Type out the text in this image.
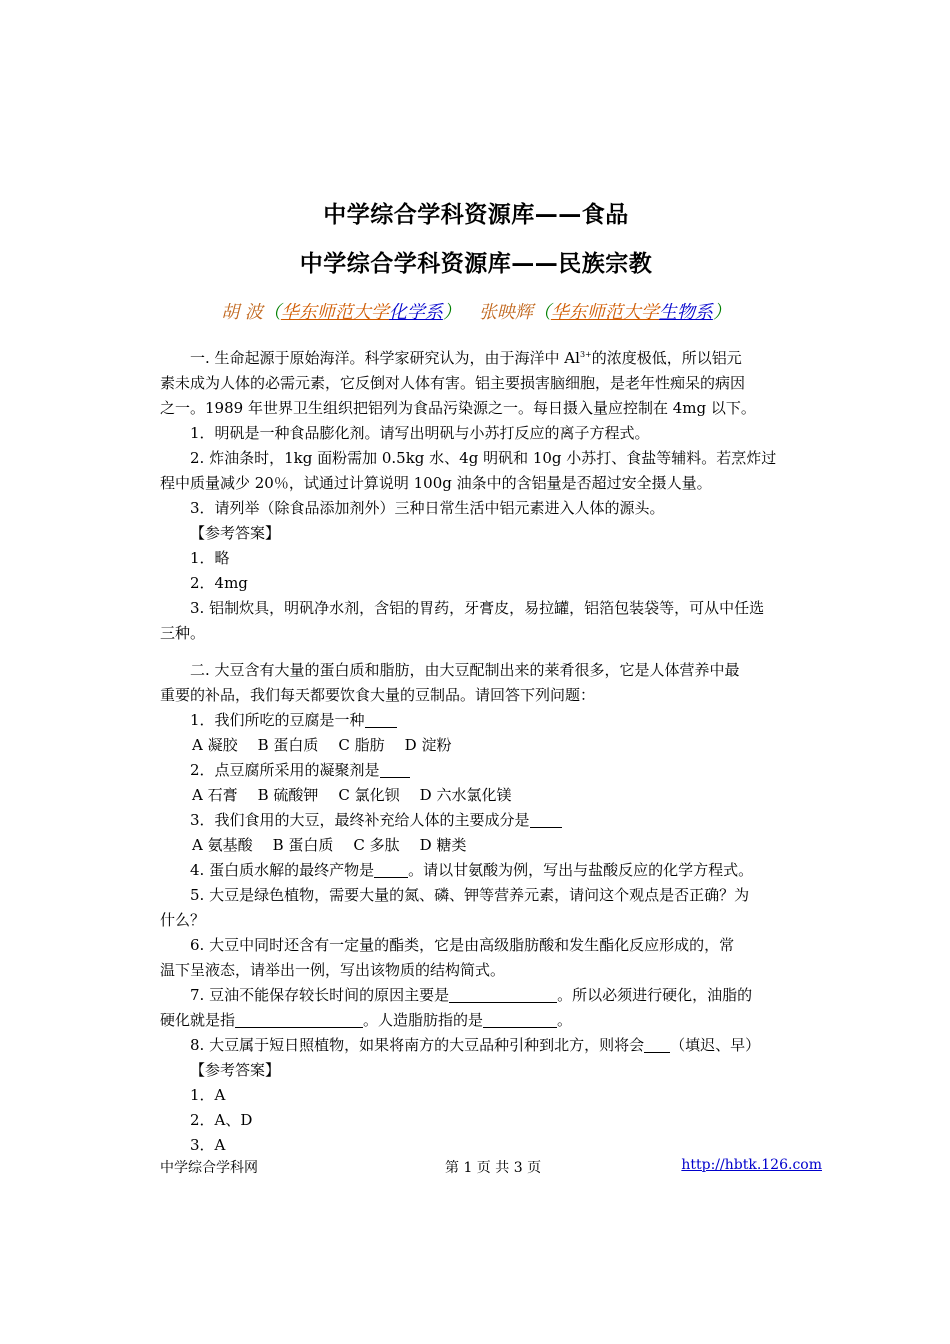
中学综合学科资源库——食品
中学综合学科资源库——民族宗教
胡 波（华东师范大学化学系） 张映辉（华东师范大学生物系）
一. 生命起源于原始海洋。科学家研究认为，由于海洋中 $Al^{3+}$的浓度极低，所以铝元
素未成为人体的必需元素，它反倒对人体有害。铝主要损害脑细胞，是老年性痴呆的病因
之一。1989 年世界卫生组织把铝列为食品污染源之一。每日摄入量应控制在 4mg 以下。
1．明矾是一种食品膨化剂。请写出明矾与小苏打反应的离子方程式。
2. 炸油条时，1kg 面粉需加 0.5kg 水、4g 明矾和 10g 小苏打、食盐等辅料。若烹炸过
程中质量减少 20％，试通过计算说明 100g 油条中的含铝量是否超过安全摄人量。
3．请列举（除食品添加剂外）三种日常生活中铝元素进入人体的源头。
【参考答案】
1．略
2．4mg
3. 铝制炊具，明矾净水剂，含铝的胃药，牙膏皮，易拉罐，铝箔包装袋等，可从中任选
三种。
二. 大豆含有大量的蛋白质和脂肪，由大豆配制出来的莱肴很多，它是人体营养中最
重要的补品，我们每天都要饮食大量的豆制品。请回答下列问题：
1．我们所吃的豆腐是一种
A 凝胶 B 蛋白质 C 脂肪 D 淀粉
2．点豆腐所采用的凝聚剂是
A 石膏 B 硫酸钾 C 氯化钡 D 六水氯化镁
3．我们食用的大豆，最终补充给人体的主要成分是
A 氨基酸 B 蛋白质 C 多肽 D 糖类
4. 蛋白质水解的最终产物是 。请以甘氨酸为例，写出与盐酸反应的化学方程式。
5. 大豆是绿色植物，需要大量的氮、磷、钾等营养元素，请问这个观点是否正确？为
什么？
6. 大豆中同时还含有一定量的酯类，它是由高级脂肪酸和发生酯化反应形成的，常
温下呈液态，请举出一例，写出该物质的结构简式。
7. 豆油不能保存较长时间的原因主要是	。所以必须进行硬化，油脂的
硬化就是指	。人造脂肪指的是	。
8. 大豆属于短日照植物，如果将南方的大豆品种引种到北方，则将会 （填迟、早）
【参考答案】
1．A
2．A、D
3．A
中学综合学科网	第 1 页 共 3 页	http://hbtk.126.com
